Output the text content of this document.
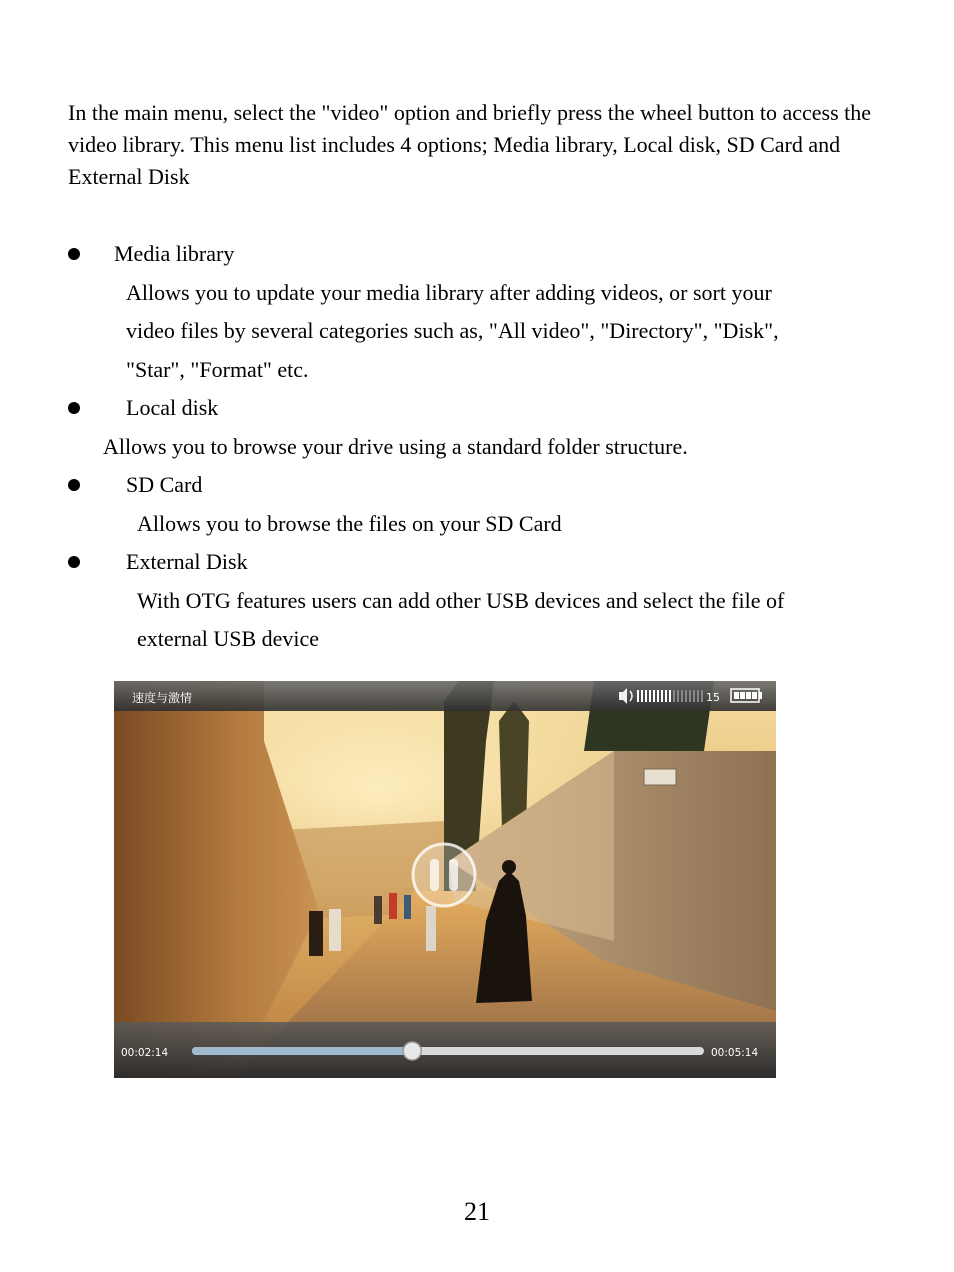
In the main menu, select the "video" option and briefly press the wheel button to access the video library. This menu list includes 4 options; Media library, Local disk, SD Card and External Disk
Media library
Allows you to update your media library after adding videos, or sort your
video files by several categories such as, "All video", "Directory", "Disk",
"Star", "Format" etc.
Local disk
Allows you to browse your drive using a standard folder structure.
SD Card
Allows you to browse the files on your SD Card
External Disk
With OTG features users can add other USB devices and select the file of
external USB device
速度与激情	15
00:02:14	00:05:14
21
